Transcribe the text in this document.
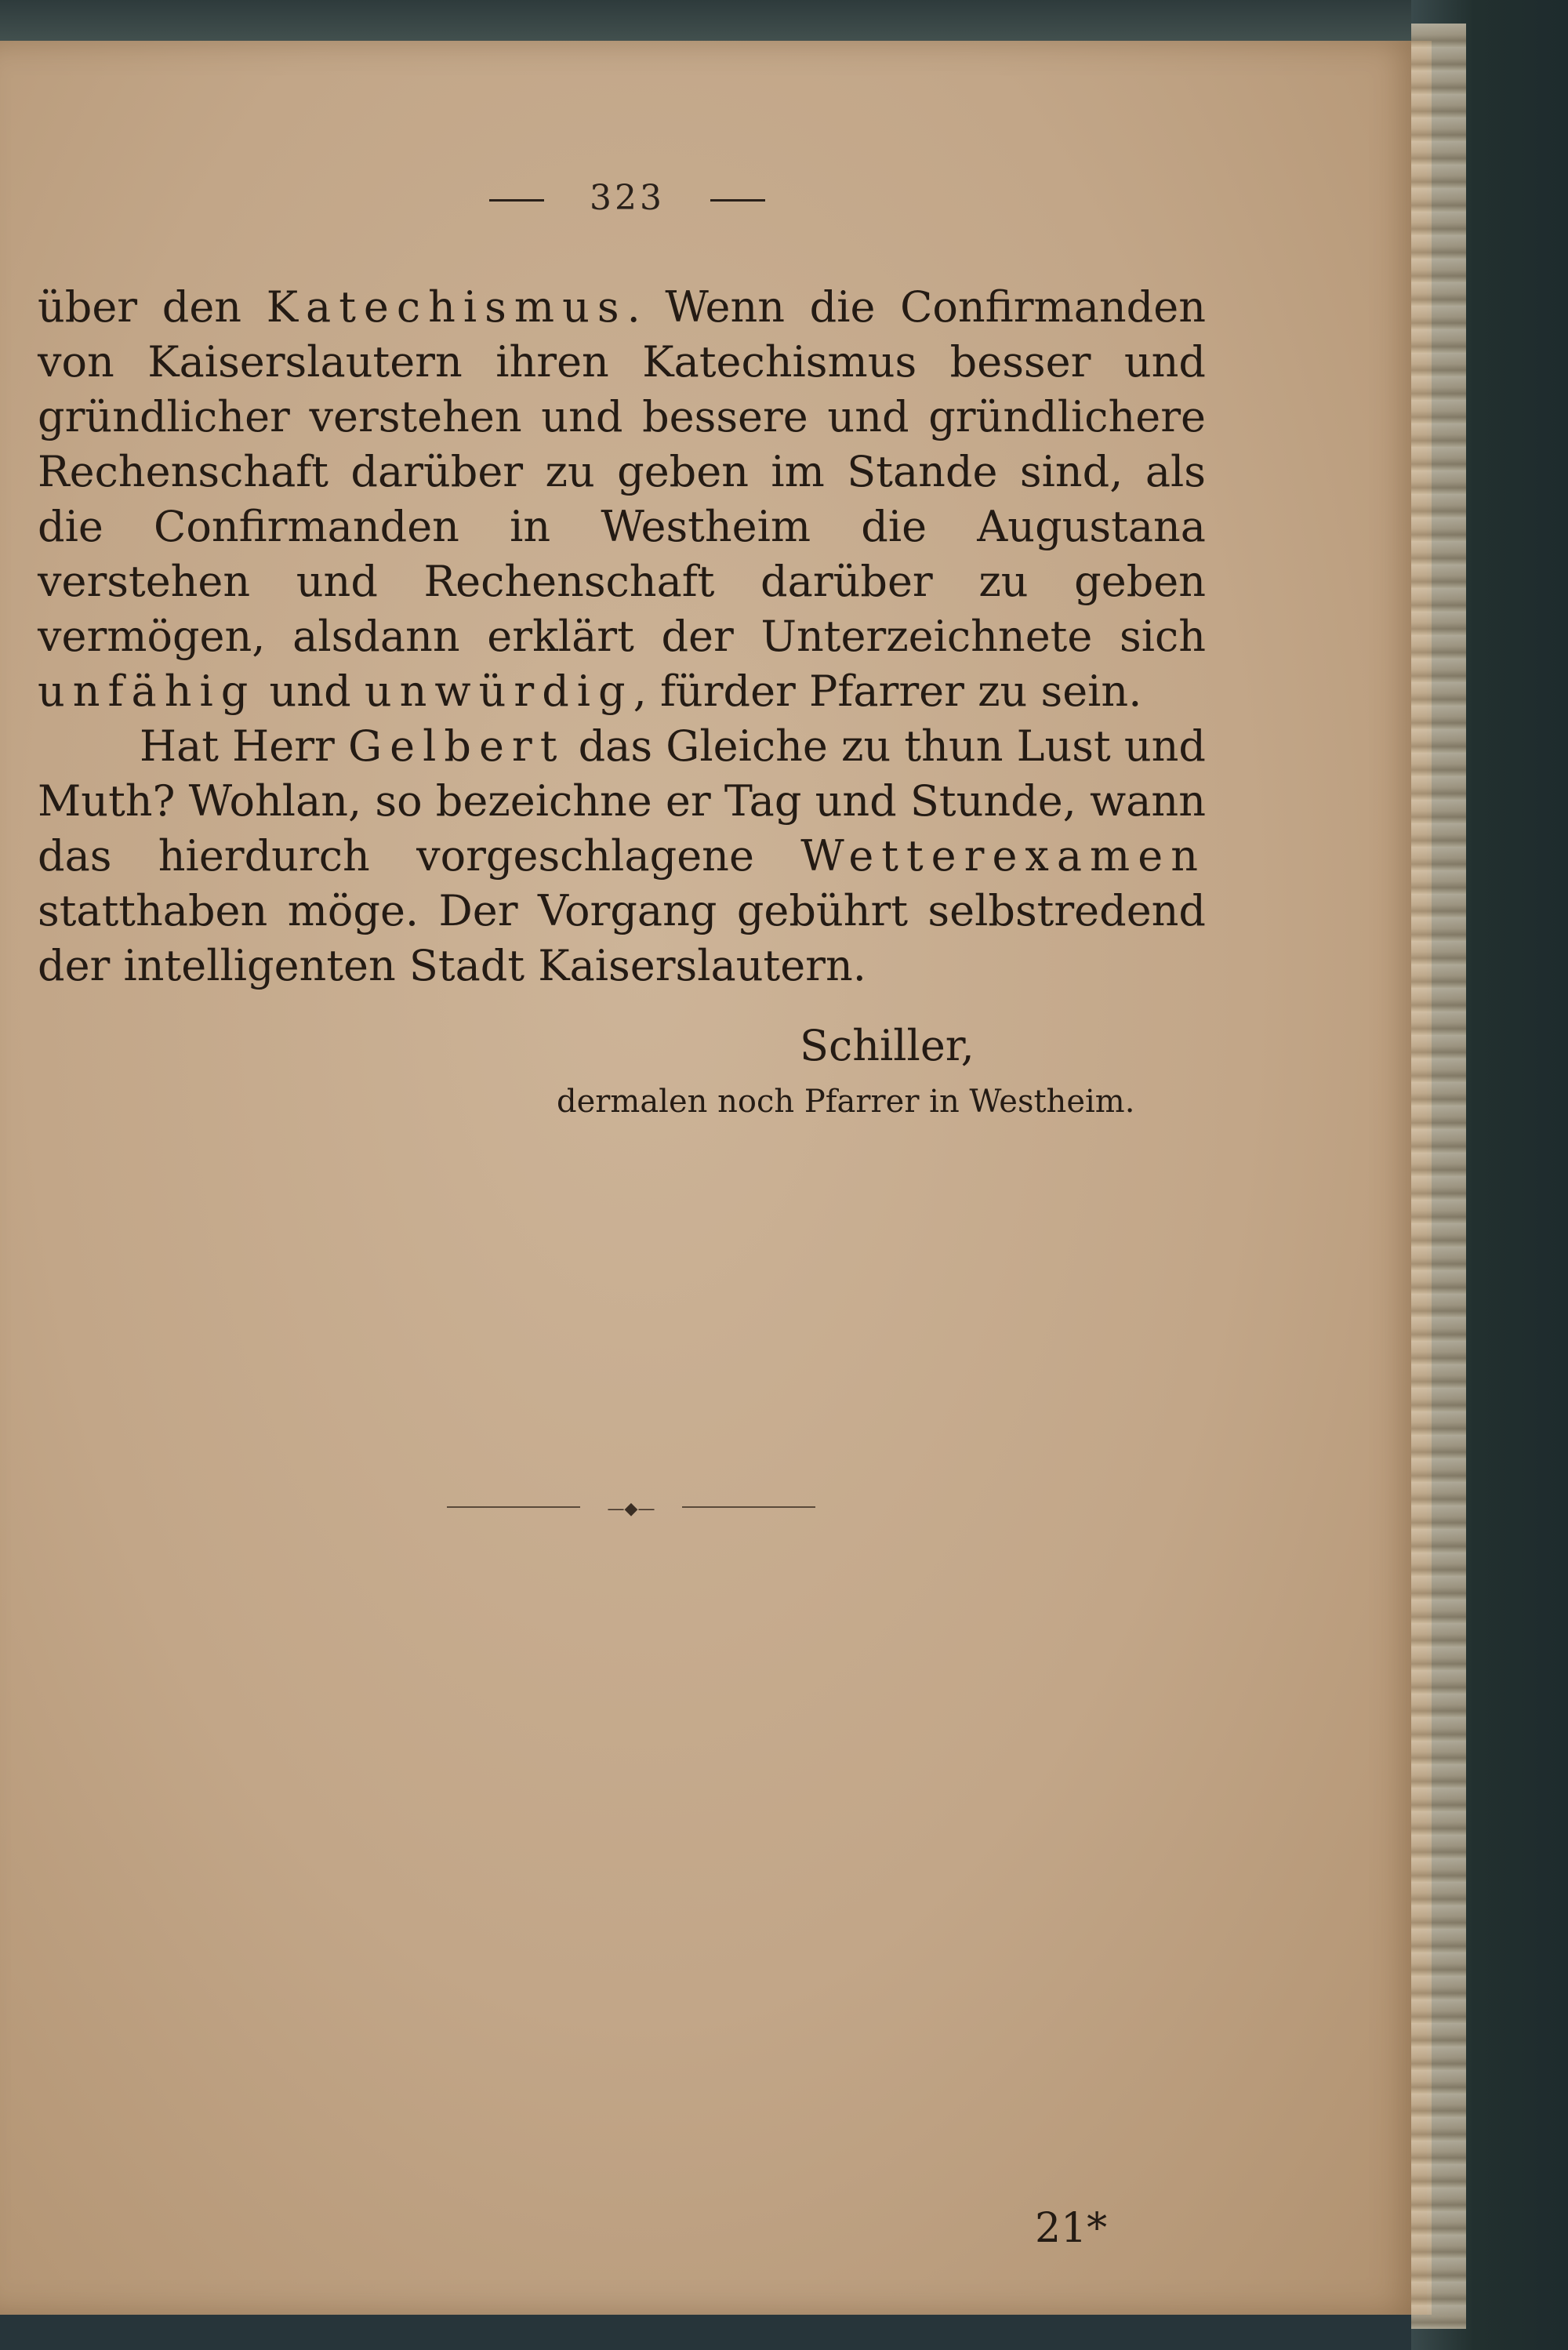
323

über den Katechismus. Wenn die Confirmanden von Kaiserslautern ihren Katechismus besser und gründlicher verstehen und bessere und gründlichere Rechenschaft darüber zu geben im Stande sind, als die Confirmanden in Westheim die Augustana verstehen und Rechenschaft darüber zu geben vermögen, alsdann erklärt der Unterzeichnete sich unfähig und unwürdig, fürder Pfarrer zu sein.

Hat Herr Gelbert das Gleiche zu thun Lust und Muth? Wohlan, so bezeichne er Tag und Stunde, wann das hierdurch vorgeschlagene Wetterexamen statthaben möge. Der Vorgang gebührt selbstredend der intelligenten Stadt Kaiserslautern.

Schiller,
dermalen noch Pfarrer in Westheim.
—◆—
21*
